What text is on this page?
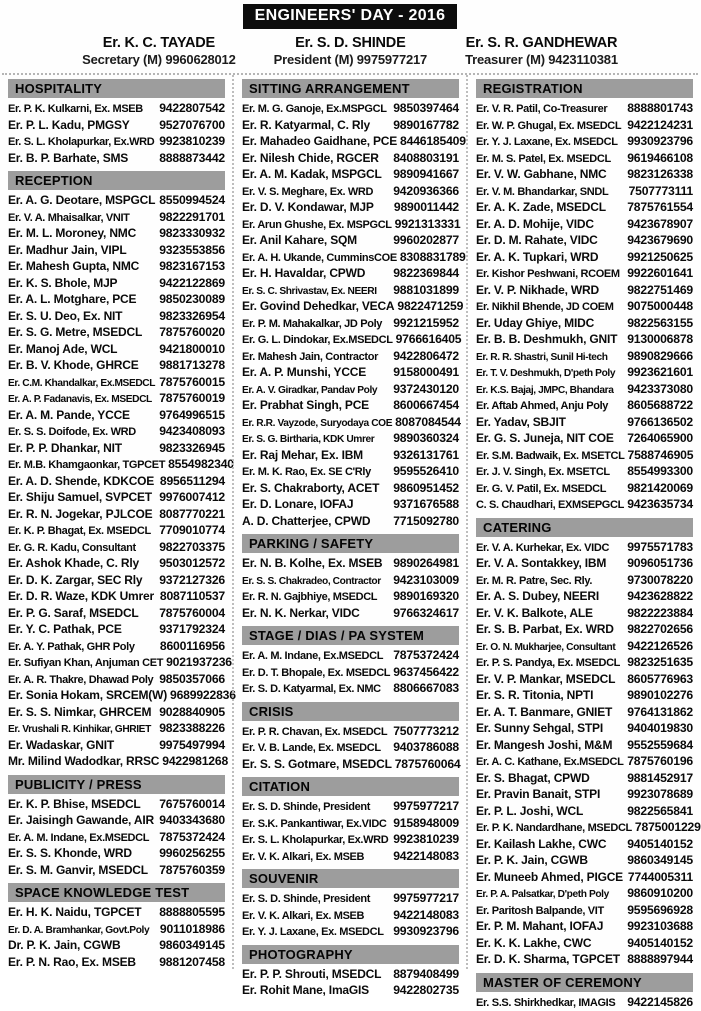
ENGINEERS' DAY - 2016
Er. K. C. TAYADE
Secretary (M) 9960628012
Er. S. D. SHINDE
President (M) 9975977217
Er. S. R. GANDHEWAR
Treasurer (M) 9423110381
HOSPITALITY
Er. P. K. Kulkarni, Ex. MSEB	9422807542
Er. P. L. Kadu, PMGSY	9527076700
Er. S. L. Kholapurkar, Ex.WRD 9923810239
Er. B. P. Barhate, SMS	8888873442
RECEPTION
Er. A. G. Deotare, MSPGCL 8550994524
Er. V. A. Mhaisalkar, VNIT	9822291701
Er. M. L. Moroney, NMC	9823330932
Er. Madhur Jain, VIPL	9323553856
Er. Mahesh Gupta, NMC	9823167153
Er. K. S. Bhole, MJP	9422122869
Er. A. L. Motghare, PCE	9850230089
Er. S. U. Deo, Ex. NIT	9823326954
Er. S. G. Metre, MSEDCL	7875760020
Er. Manoj Ade, WCL	9421800010
Er. B. V. Khode, GHRCE	9881713278
Er. C.M. Khandalkar, Ex.MSEDCL 7875760015
Er. A. P. Fadanavis, Ex. MSEDCL 7875760019
Er. A. M. Pande, YCCE	9764996515
Er. S. S. Doifode, Ex. WRD	9423408093
Er. P. P. Dhankar, NIT	9823326945
Er. M.B. Khamgaonkar, TGPCET 8554982340
Er. A. D. Shende, KDKCOE 8956511294
Er. Shiju Samuel, SVPCET 9976007412
Er. R. N. Jogekar, PJLCOE 8087770221
Er. K. P. Bhagat, Ex. MSEDCL 7709010774
Er. G. R. Kadu, Consultant	9822703375
Er. Ashok Khade, C. Rly	9503012572
Er. D. K. Zargar, SEC Rly	9372127326
Er. D. R. Waze, KDK Umrer 8087110537
Er. P. G. Saraf, MSEDCL	7875760004
Er. Y. C. Pathak, PCE	9371792324
Er. A. Y. Pathak, GHR Poly	8600116956
Er. Sufiyan Khan, Anjuman CET 9021937236
Er. A. R. Thakre, Dhawad Poly 9850357066
Er. Sonia Hokam, SRCEM(W) 9689922836
Er. S. S. Nimkar, GHRCEM 9028840905
Er. Vrushali R. Kinhikar, GHRIET 9823388226
Er. Wadaskar, GNIT	9975497994
Mr. Milind Wadodkar, RRSC 9422981268
PUBLICITY / PRESS
Er. K. P. Bhise, MSEDCL	7675760014
Er. Jaisingh Gawande, AIR 9403343680
Er. A. M. Indane, Ex.MSEDCL 7875372424
Er. S. S. Khonde, WRD	9960256255
Er. S. M. Ganvir, MSEDCL 7875760359
SPACE KNOWLEDGE TEST
Er. H. K. Naidu, TGPCET	8888805595
Er. D. A. Bramhankar, Govt.Poly 9011018986
Dr. P. K. Jain, CGWB	9860349145
Er. P. N. Rao, Ex. MSEB	9881207458
SITTING ARRANGEMENT
Er. M. G. Ganoje, Ex.MSPGCL 9850397464
Er. R. Katyarmal, C. Rly	9890167782
Er. Mahadeo Gaidhane, PCE 8446185409
Er. Nilesh Chide, RGCER	8408803191
Er. A. M. Kadak, MSPGCL 9890941667
Er. V. S. Meghare, Ex. WRD	9420936366
Er. D. V. Kondawar, MJP	9890011442
Er. Arun Ghushe, Ex. MSPGCL 9921313331
Er. Anil Kahare, SQM	9960202877
Er. A. H. Ukande, CumminsCOE 8308831789
Er. H. Havaldar, CPWD	9822369844
Er. S. C. Shrivastav, Ex. NEERI	9881031899
Er. Govind Dehedkar, VECA 9822471259
Er. P. M. Mahakalkar, JD Poly 9921215952
Er. G. L. Dindokar, Ex.MSEDCL 9766616405
Er. Mahesh Jain, Contractor	9422806472
Er. A. P. Munshi, YCCE	9158000491
Er. A. V. Giradkar, Pandav Poly	9372430120
Er. Prabhat Singh, PCE	8600667454
Er. R.R. Vayzode, Suryodaya COE 8087084544
Er. S. G. Birtharia, KDK Umrer	9890360324
Er. Raj Mehar, Ex. IBM	9326131761
Er. M. K. Rao, Ex. SE C'Rly	9595526410
Er. S. Chakraborty, ACET	9860951452
Er. D. Lonare, IOFAJ	9371676588
A. D. Chatterjee, CPWD	7715092780
PARKING / SAFETY
Er. N. B. Kolhe, Ex. MSEB 9890264981
Er. S. S. Chakradeo, Contractor	9423103009
Er. R. N. Gajbhiye, MSEDCL	9890169320
Er. N. K. Nerkar, VIDC	9766324617
STAGE / DIAS / PA SYSTEM
Er. A. M. Indane, Ex.MSEDCL 7875372424
Er. D. T. Bhopale, Ex. MSEDCL 9637456422
Er. S. D. Katyarmal, Ex. NMC	8806667083
CRISIS
Er. P. R. Chavan, Ex. MSEDCL 7507773212
Er. V. B. Lande, Ex. MSEDCL	9403786088
Er. S. S. Gotmare, MSEDCL 7875760064
CITATION
Er. S. D. Shinde, President	9975977217
Er. S.K. Pankantiwar, Ex.VIDC 9158948009
Er. S. L. Kholapurkar, Ex.WRD 9923810239
Er. V. K. Alkari, Ex. MSEB	9422148083
SOUVENIR
Er. S. D. Shinde, President	9975977217
Er. V. K. Alkari, Ex. MSEB	9422148083
Er. Y. J. Laxane, Ex. MSEDCL 9930923796
PHOTOGRAPHY
Er. P. P. Shrouti, MSEDCL 8879408499
Er. Rohit Mane, ImaGIS	9422802735
REGISTRATION
Er. V. R. Patil, Co-Treasurer	8888801743
Er. W. P. Ghugal, Ex. MSEDCL 9422124231
Er. Y. J. Laxane, Ex. MSEDCL 9930923796
Er. M. S. Patel, Ex. MSEDCL	9619466108
Er. V. W. Gabhane, NMC	9823126338
Er. V. M. Bhandarkar, SNDL	7507773111
Er. A. K. Zade, MSEDCL	7875761554
Er. A. D. Mohije, VIDC	9423678907
Er. D. M. Rahate, VIDC	9423679690
Er. A. K. Tupkari, WRD	9921250625
Er. Kishor Peshwani, RCOEM 9922601641
Er. V. P. Nikhade, WRD	9822751469
Er. Nikhil Bhende, JD COEM	9075000448
Er. Uday Ghiye, MIDC	9822563155
Er. B. B. Deshmukh, GNIT 9130006878
Er. R. R. Shastri, Sunil Hi-tech	9890829666
Er. T. V. Deshmukh, D'peth Poly 9923621601
Er. K.S. Bajaj, JMPC, Bhandara	9423373080
Er. Aftab Ahmed, Anju Poly	8605688722
Er. Yadav, SBJIT	9766136502
Er. G. S. Juneja, NIT COE	7264065900
Er. S.M. Badwaik, Ex. MSETCL 7588746905
Er. J. V. Singh, Ex. MSETCL	8554993300
Er. G. V. Patil, Ex. MSEDCL	9821420069
C. S. Chaudhari, EXMSEPGCL 9423635734
CATERING
Er. V. A. Kurhekar, Ex. VIDC	9975571783
Er. V. A. Sontakkey, IBM	9096051736
Er. M. R. Patre, Sec. Rly.	9730078220
Er. A. S. Dubey, NEERI	9423628822
Er. V. K. Balkote, ALE	9822223884
Er. S. B. Parbat, Ex. WRD	9822702656
Er. O. N. Mukharjee, Consultant 9422126526
Er. P. S. Pandya, Ex. MSEDCL 9823251635
Er. V. P. Mankar, MSEDCL 8605776963
Er. S. R. Titonia, NPTI	9890102276
Er. A. T. Banmare, GNIET	9764131862
Er. Sunny Sehgal, STPI	9404019830
Er. Mangesh Joshi, M&M	9552559684
Er. A. C. Kathane, Ex.MSEDCL 7875760196
Er. S. Bhagat, CPWD	9881452917
Er. Pravin Banait, STPI	9923078689
Er. P. L. Joshi, WCL	9822565841
Er. P. K. Nandardhane, MSEDCL 7875001229
Er. Kailash Lakhe, CWC	9405140152
Er. P. K. Jain, CGWB	9860349145
Er. Muneeb Ahmed, PIGCE 7744005311
Er. P. A. Palsatkar, D'peth Poly	9860910200
Er. Paritosh Balpande, VIT	9595696928
Er. P. M. Mahant, IOFAJ	9923103688
Er. K. K. Lakhe, CWC	9405140152
Er. D. K. Sharma, TGPCET 8888897944
MASTER OF CEREMONY
Er. S.S. Shirkhedkar, IMAGIS 9422145826
